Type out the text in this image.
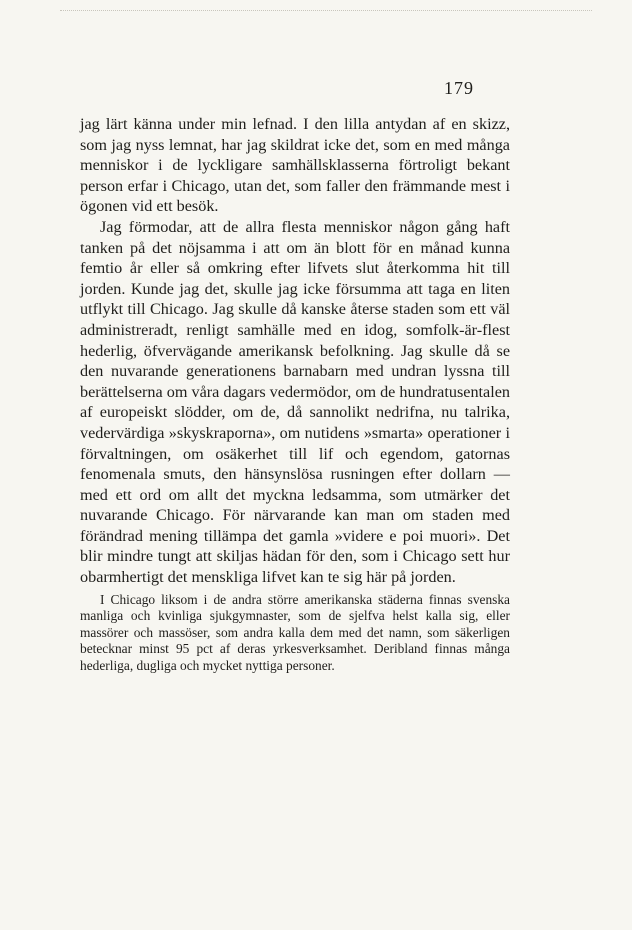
179

jag lärt känna under min lefnad. I den lilla antydan af en skizz, som jag nyss lemnat, har jag skildrat icke det, som en med många menniskor i de lyckligare samhällsklasserna förtroligt bekant person erfar i Chicago, utan det, som faller den främmande mest i ögonen vid ett besök.

Jag förmodar, att de allra flesta menniskor någon gång haft tanken på det nöjsamma i att om än blott för en månad kunna femtio år eller så omkring efter lifvets slut återkomma hit till jorden. Kunde jag det, skulle jag icke försumma att taga en liten utflykt till Chicago. Jag skulle då kanske återse staden som ett väl administreradt, renligt samhälle med en idog, somfolk-är-flest hederlig, öfvervägande amerikansk befolkning. Jag skulle då se den nuvarande generationens barnabarn med undran lyssna till berättelserna om våra dagars vedermödor, om de hundratusentalen af europeiskt slödder, om de, då sannolikt nedrifna, nu talrika, vedervärdiga »skyskraporna», om nutidens »smarta» operationer i förvaltningen, om osäkerhet till lif och egendom, gatornas fenomenala smuts, den hänsynslösa rusningen efter dollarn — med ett ord om allt det myckna ledsamma, som utmärker det nuvarande Chicago. För närvarande kan man om staden med förändrad mening tillämpa det gamla »videre e poi muori». Det blir mindre tungt att skiljas hädan för den, som i Chicago sett hur obarmhertigt det menskliga lifvet kan te sig här på jorden.

I Chicago liksom i de andra större amerikanska städerna finnas svenska manliga och kvinliga sjukgymnaster, som de sjelfva helst kalla sig, eller massörer och massöser, som andra kalla dem med det namn, som säkerligen betecknar minst 95 pct af deras yrkesverksamhet. Deribland finnas många hederliga, dugliga och mycket nyttiga personer.
